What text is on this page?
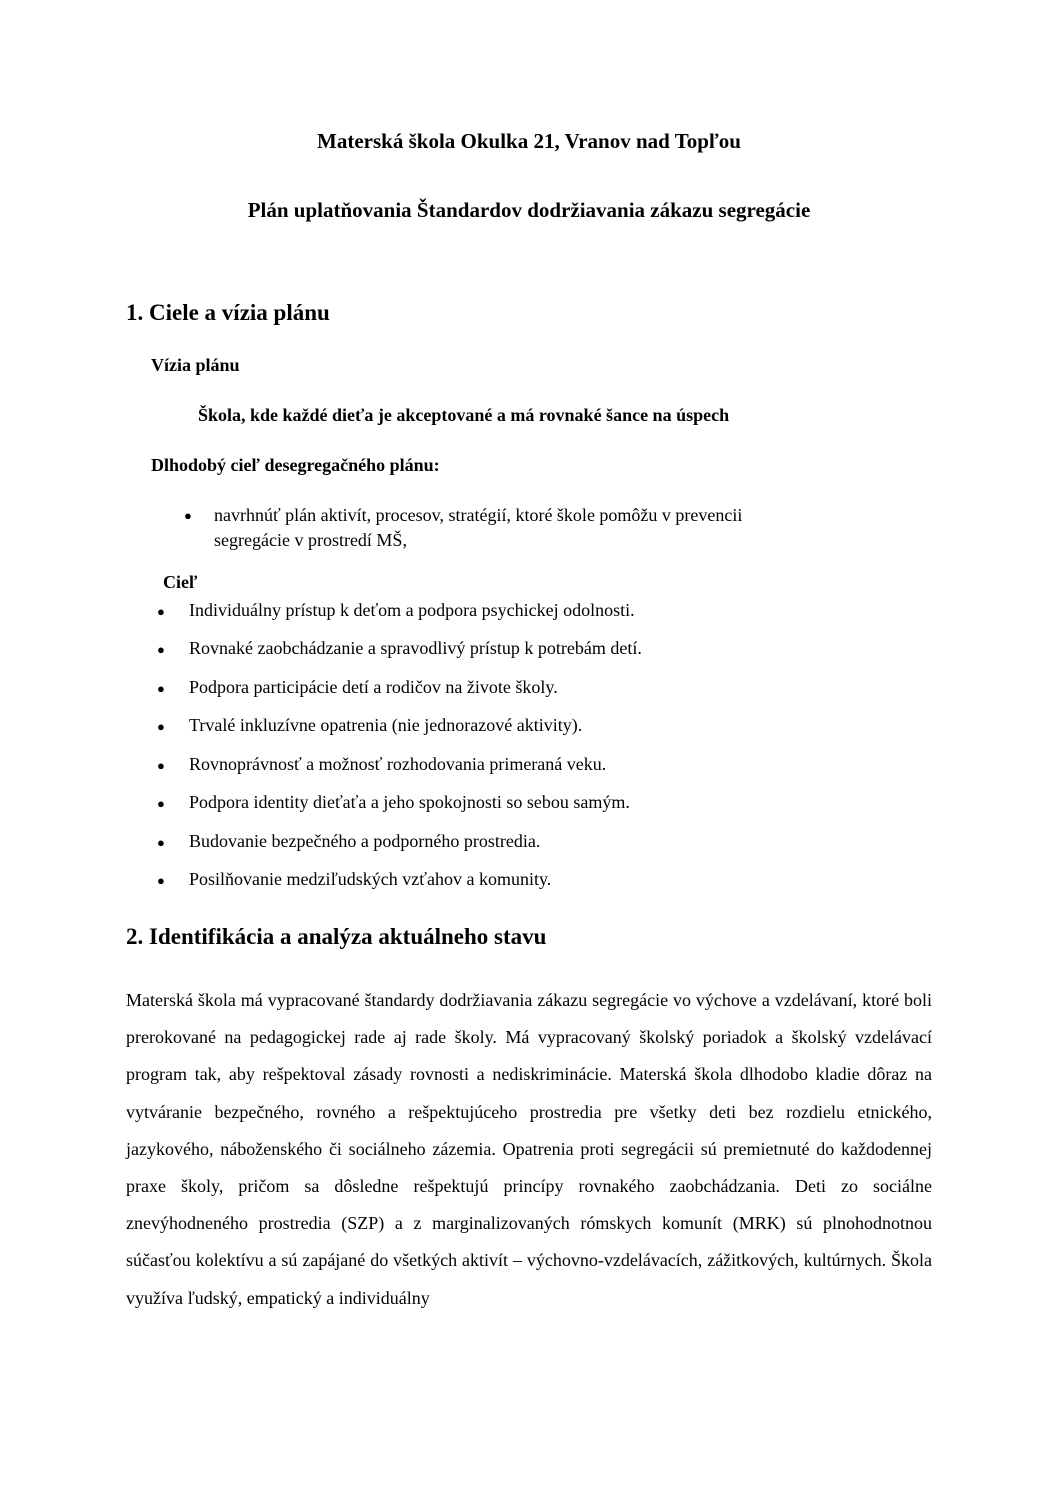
Materská škola Okulka 21, Vranov nad Topľou
Plán uplatňovania Štandardov dodržiavania zákazu segregácie
1. Ciele a vízia plánu
Vízia plánu
Škola, kde každé dieťa je akceptované a má rovnaké šance na úspech
Dlhodobý cieľ desegregačného plánu:
● navrhnúť plán aktivít, procesov, stratégií, ktoré škole pomôžu v prevencii
segregácie v prostredí MŠ,
Cieľ
● Individuálny prístup k deťom a podpora psychickej odolnosti.
● Rovnaké zaobchádzanie a spravodlivý prístup k potrebám detí.
● Podpora participácie detí a rodičov na živote školy.
● Trvalé inkluzívne opatrenia (nie jednorazové aktivity).
● Rovnoprávnosť a možnosť rozhodovania primeraná veku.
● Podpora identity dieťaťa a jeho spokojnosti so sebou samým.
● Budovanie bezpečného a podporného prostredia.
● Posilňovanie medziľudských vzťahov a komunity.
2. Identifikácia a analýza aktuálneho stavu

Materská škola má vypracované štandardy dodržiavania zákazu segregácie vo výchove a vzdelávaní, ktoré boli prerokované na pedagogickej rade aj rade školy. Má vypracovaný školský poriadok a školský vzdelávací program tak, aby rešpektoval zásady rovnosti a nediskriminácie. Materská škola dlhodobo kladie dôraz na vytváranie bezpečného, rovného a rešpektujúceho prostredia pre všetky deti bez rozdielu etnického, jazykového, náboženského či sociálneho zázemia. Opatrenia proti segregácii sú premietnuté do každodennej praxe školy, pričom sa dôsledne rešpektujú princípy rovnakého zaobchádzania. Deti zo sociálne znevýhodneného prostredia (SZP) a z marginalizovaných rómskych komunít (MRK) sú plnohodnotnou súčasťou kolektívu a sú zapájané do všetkých aktivít – výchovno-vzdelávacích, zážitkových, kultúrnych. Škola využíva ľudský, empatický a individuálny
